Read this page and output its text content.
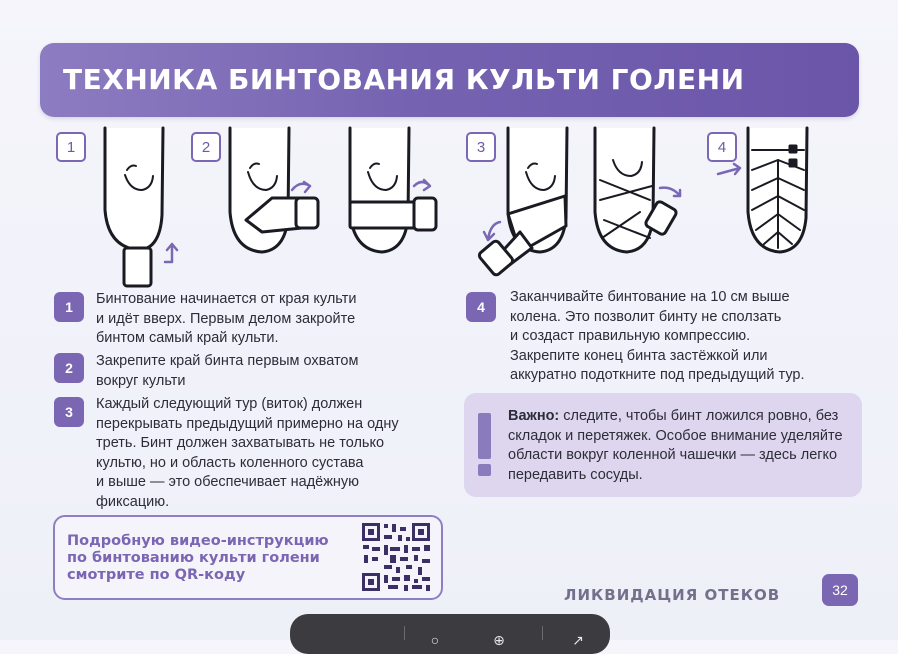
ТЕХНИКА БИНТОВАНИЯ КУЛЬТИ ГОЛЕНИ
1	2	3	4
1	Бинтование начинается от края культи
и идёт вверх. Первым делом закройте
бинтом самый край культи.
2	Закрепите край бинта первым охватом
вокруг культи
3	Каждый следующий тур (виток) должен
перекрывать предыдущий примерно на одну
треть. Бинт должен захватывать не только
культю, но и область коленного сустава
и выше — это обеспечивает надёжную
фиксацию.
4
Заканчивайте бинтование на 10 см выше
колена. Это позволит бинту не сползать
и создаст правильную компрессию.
Закрепите конец бинта застёжкой или
аккуратно подоткните под предыдущий тур.
Важно: следите, чтобы бинт ложился ровно, без складок и перетяжек. Особое внимание уделяйте области вокруг коленной чашечки — здесь легко передавить сосуды.
Подробную видео-инструкцию
по бинтованию культи голени
смотрите по QR-коду
ЛИКВИДАЦИЯ ОТЕКОВ	32
○	⊕	↗
